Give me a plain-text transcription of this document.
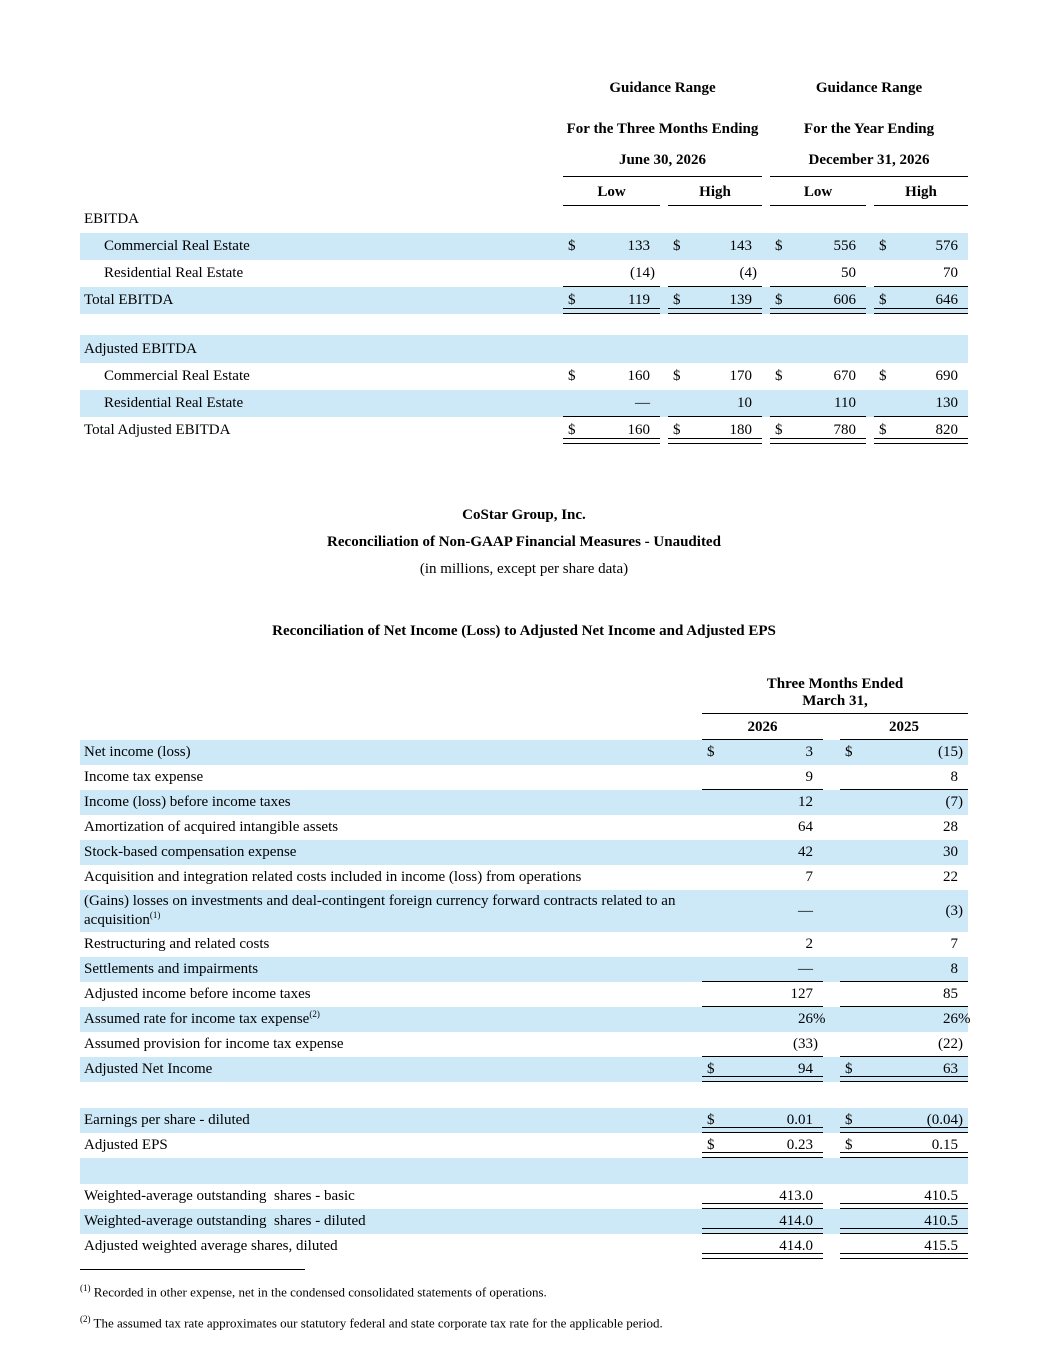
Guidance Range
For the Three Months Ending
June 30, 2026
Low	High
Guidance Range
For the Year Ending
December 31, 2026
Low	High
EBITDA
Commercial Real Estate	$	133 $	143 $	556 $	576
Residential Real Estate	(14 )	(4 )	50	70
Total EBITDA	$	119 $	139 $	606 $	646
Adjusted EBITDA
Commercial Real Estate	$	160 $	170 $	670 $	690
Residential Real Estate	—	10	110	130
Total Adjusted EBITDA	$	160 $	180 $	780 $	820
CoStar Group, Inc.
Reconciliation of Non-GAAP Financial Measures - Unaudited
(in millions, except per share data)
Reconciliation of Net Income (Loss) to Adjusted Net Income and Adjusted EPS
Three Months Ended
March 31,
2026	2025
Net income (loss)	$	3 $	(15 )
Income tax expense	9	8
Income (loss) before income taxes	12	(7 )
Amortization of acquired intangible assets	64	28
Stock-based compensation expense	42	30
Acquisition and integration related costs included in income (loss) from operations	7	22
(Gains) losses on investments and deal-contingent foreign currency forward contracts related to an acquisition$^{(1)}$	—	(3 )
Restructuring and related costs	2	7
Settlements and impairments	—	8
Adjusted income before income taxes	127	85
Assumed rate for income tax expense$^{(2)}$	26 %	26 %
Assumed provision for income tax expense	(33 )	(22 )
Adjusted Net Income	$	94 $	63
Earnings per share - diluted	$	0.01 $	(0.04 )
Adjusted EPS	$	0.23 $	0.15
Weighted-average outstanding  shares - basic	413.0	410.5
Weighted-average outstanding  shares - diluted	414.0	410.5
Adjusted weighted average shares, diluted	414.0	415.5
$^{(1)}$ Recorded in other expense, net in the condensed consolidated statements of operations.
$^{(2)}$ The assumed tax rate approximates our statutory federal and state corporate tax rate for the applicable period.
